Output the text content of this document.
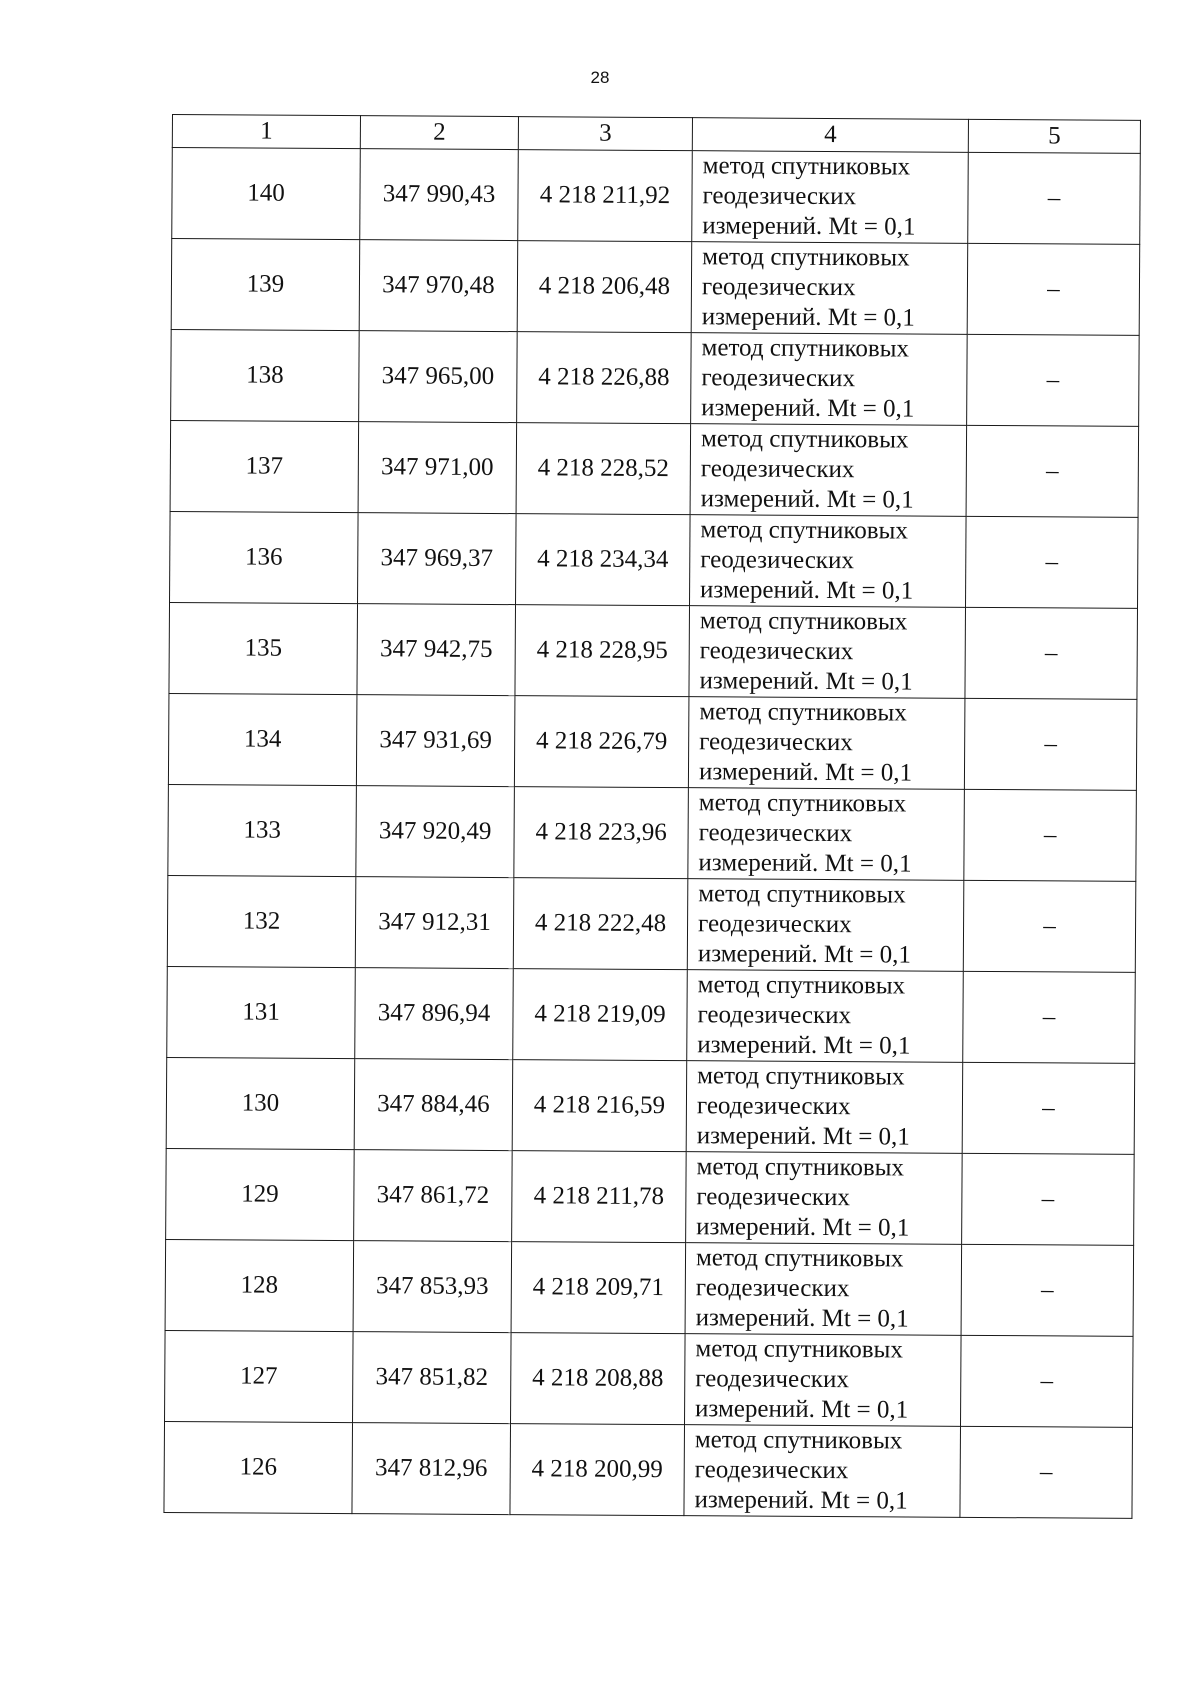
28
1	2	3	4	5
140	347 990,43	4 218 211,92	метод спутниковых
геодезических
измерений. Mt = 0,1	–
139	347 970,48	4 218 206,48	метод спутниковых
геодезических
измерений. Mt = 0,1	–
138	347 965,00	4 218 226,88	метод спутниковых
геодезических
измерений. Mt = 0,1	–
137	347 971,00	4 218 228,52	метод спутниковых
геодезических
измерений. Mt = 0,1	–
136	347 969,37	4 218 234,34	метод спутниковых
геодезических
измерений. Mt = 0,1	–
135	347 942,75	4 218 228,95	метод спутниковых
геодезических
измерений. Mt = 0,1	–
134	347 931,69	4 218 226,79	метод спутниковых
геодезических
измерений. Mt = 0,1	–
133	347 920,49	4 218 223,96	метод спутниковых
геодезических
измерений. Mt = 0,1	–
132	347 912,31	4 218 222,48	метод спутниковых
геодезических
измерений. Mt = 0,1	–
131	347 896,94	4 218 219,09	метод спутниковых
геодезических
измерений. Mt = 0,1	–
130	347 884,46	4 218 216,59	метод спутниковых
геодезических
измерений. Mt = 0,1	–
129	347 861,72	4 218 211,78	метод спутниковых
геодезических
измерений. Mt = 0,1	–
128	347 853,93	4 218 209,71	метод спутниковых
геодезических
измерений. Mt = 0,1	–
127	347 851,82	4 218 208,88	метод спутниковых
геодезических
измерений. Mt = 0,1	–
126	347 812,96	4 218 200,99	метод спутниковых
геодезических
измерений. Mt = 0,1	–
